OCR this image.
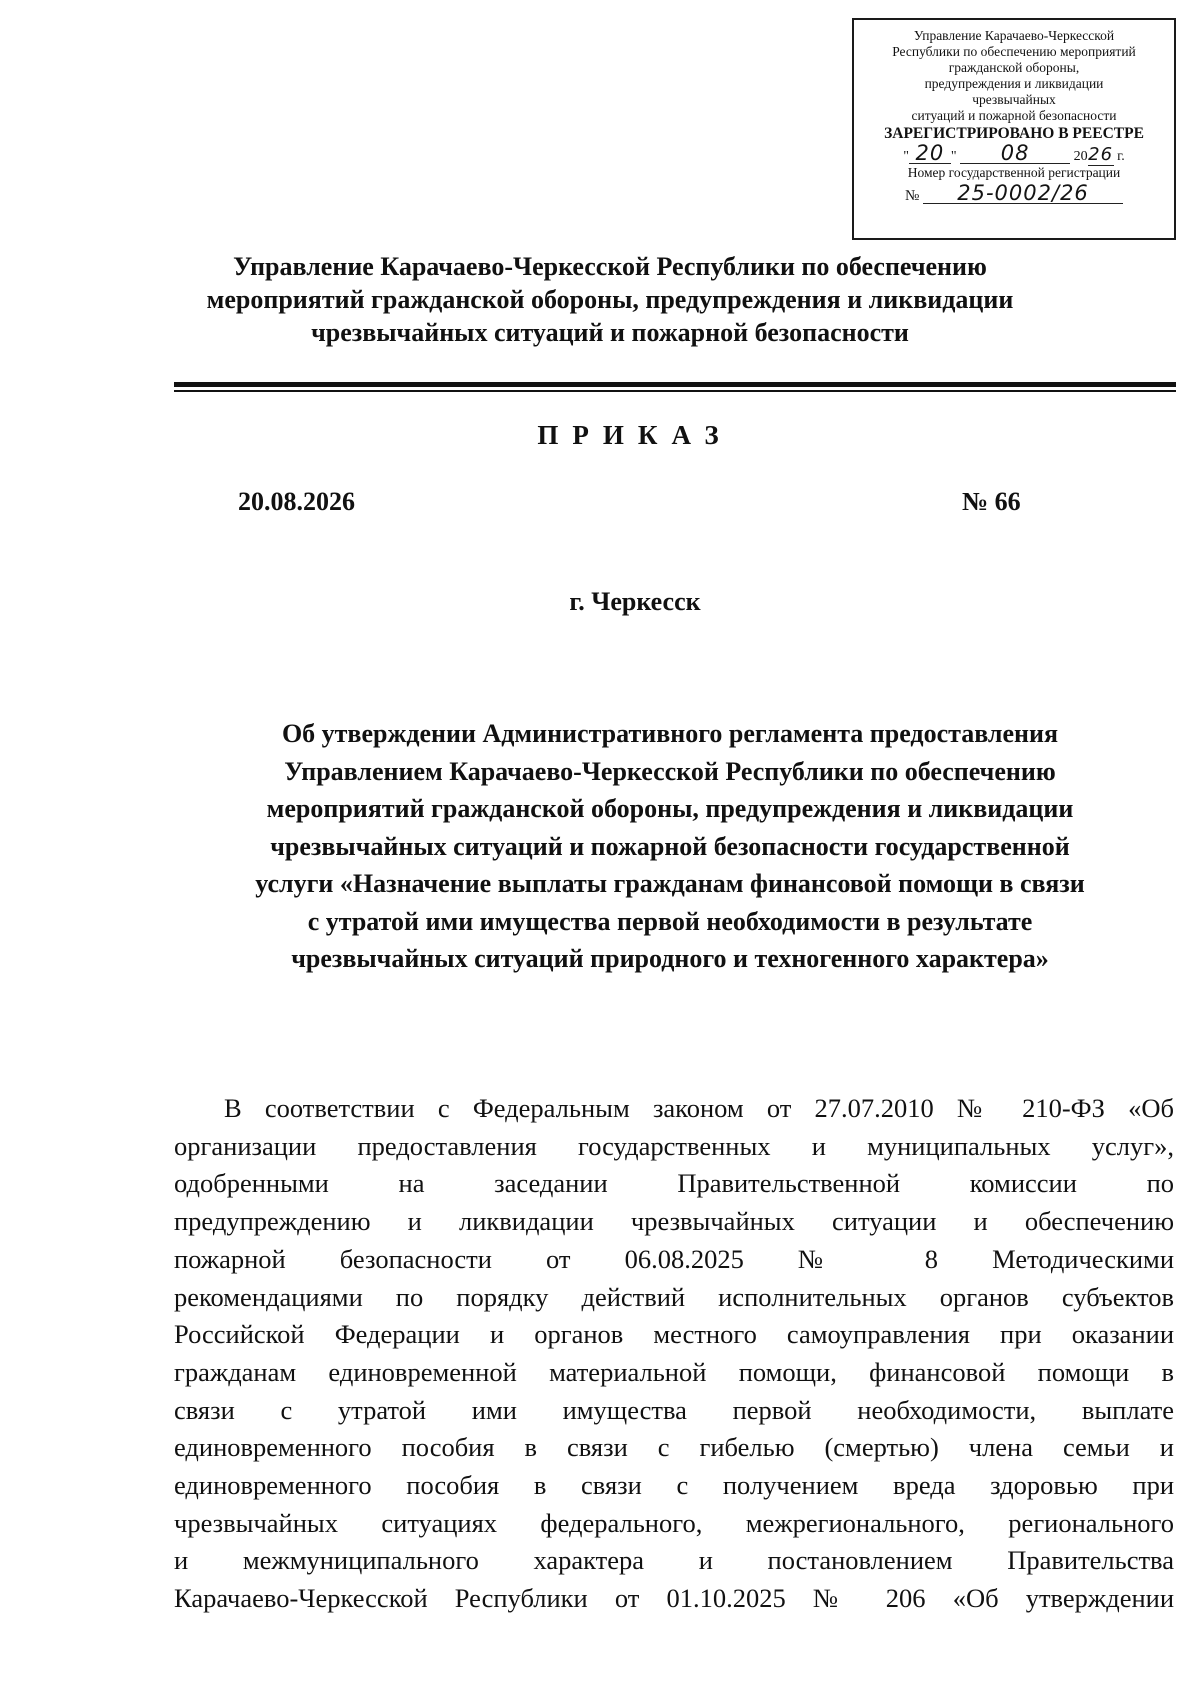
Управление Карачаево-Черкесской
Республики по обеспечению мероприятий
гражданской обороны,
предупреждения и ликвидации
чрезвычайных
ситуаций и пожарной безопасности
ЗАРЕГИСТРИРОВАНО В РЕЕСТРЕ
" 20 " 08	2026 г.
Номер государственной регистрации
№ 25-0002/26
Управление Карачаево-Черкесской Республики по обеспечению
мероприятий гражданской обороны, предупреждения и ликвидации
чрезвычайных ситуаций и пожарной безопасности
ПРИКАЗ
20.08.2026	№ 66
г. Черкесск
Об утверждении Административного регламента предоставления
Управлением Карачаево-Черкесской Республики по обеспечению
мероприятий гражданской обороны, предупреждения и ликвидации
чрезвычайных ситуаций и пожарной безопасности государственной
услуги «Назначение выплаты гражданам финансовой помощи в связи
с утратой ими имущества первой необходимости в результате
чрезвычайных ситуаций природного и техногенного характера»
В соответствии с Федеральным законом от 27.07.2010 № 210-ФЗ «Об
организации предоставления государственных и муниципальных услуг»,
одобренными на заседании Правительственной комиссии по
предупреждению и ликвидации чрезвычайных ситуации и обеспечению
пожарной безопасности от 06.08.2025 № 8 Методическими
рекомендациями по порядку действий исполнительных органов субъектов
Российской Федерации и органов местного самоуправления при оказании
гражданам единовременной материальной помощи, финансовой помощи в
связи с утратой ими имущества первой необходимости, выплате
единовременного пособия в связи с гибелью (смертью) члена семьи и
единовременного пособия в связи с получением вреда здоровью при
чрезвычайных ситуациях федерального, межрегионального, регионального
и межмуниципального характера и постановлением Правительства
Карачаево-Черкесской Республики от 01.10.2025 № 206 «Об утверждении
